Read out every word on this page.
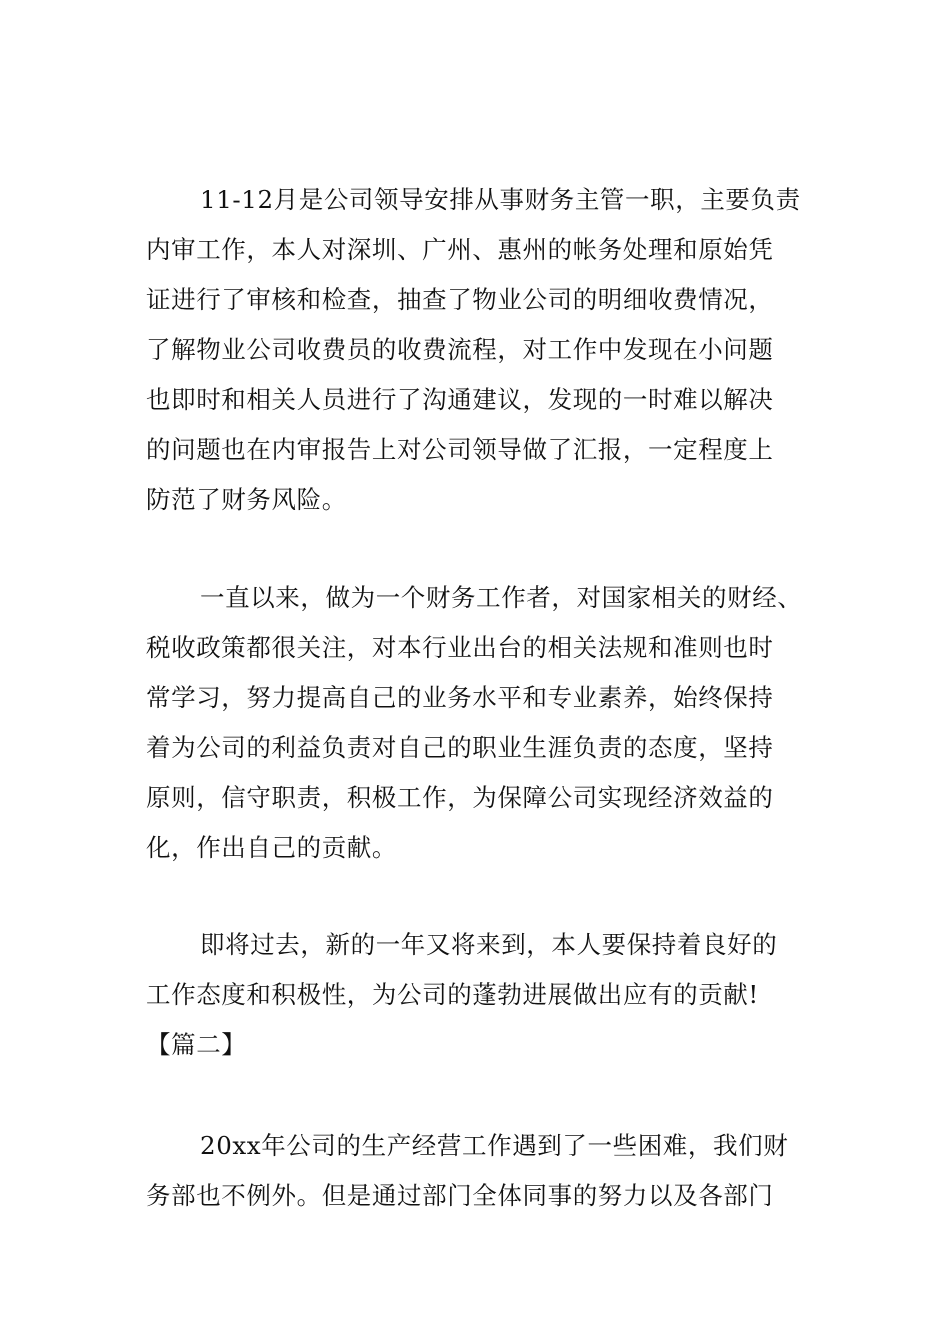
11-12月是公司领导安排从事财务主管一职，主要负责
内审工作，本人对深圳、广州、惠州的帐务处理和原始凭
证进行了审核和检查，抽查了物业公司的明细收费情况，
了解物业公司收费员的收费流程，对工作中发现在小问题
也即时和相关人员进行了沟通建议，发现的一时难以解决
的问题也在内审报告上对公司领导做了汇报，一定程度上
防范了财务风险。
一直以来，做为一个财务工作者，对国家相关的财经、
税收政策都很关注，对本行业出台的相关法规和准则也时
常学习，努力提高自己的业务水平和专业素养，始终保持
着为公司的利益负责对自己的职业生涯负责的态度，坚持
原则，信守职责，积极工作，为保障公司实现经济效益的
化，作出自己的贡献。
即将过去，新的一年又将来到，本人要保持着良好的
工作态度和积极性，为公司的蓬勃进展做出应有的贡献!
【篇二】
20xx年公司的生产经营工作遇到了一些困难，我们财
务部也不例外。但是通过部门全体同事的努力以及各部门
